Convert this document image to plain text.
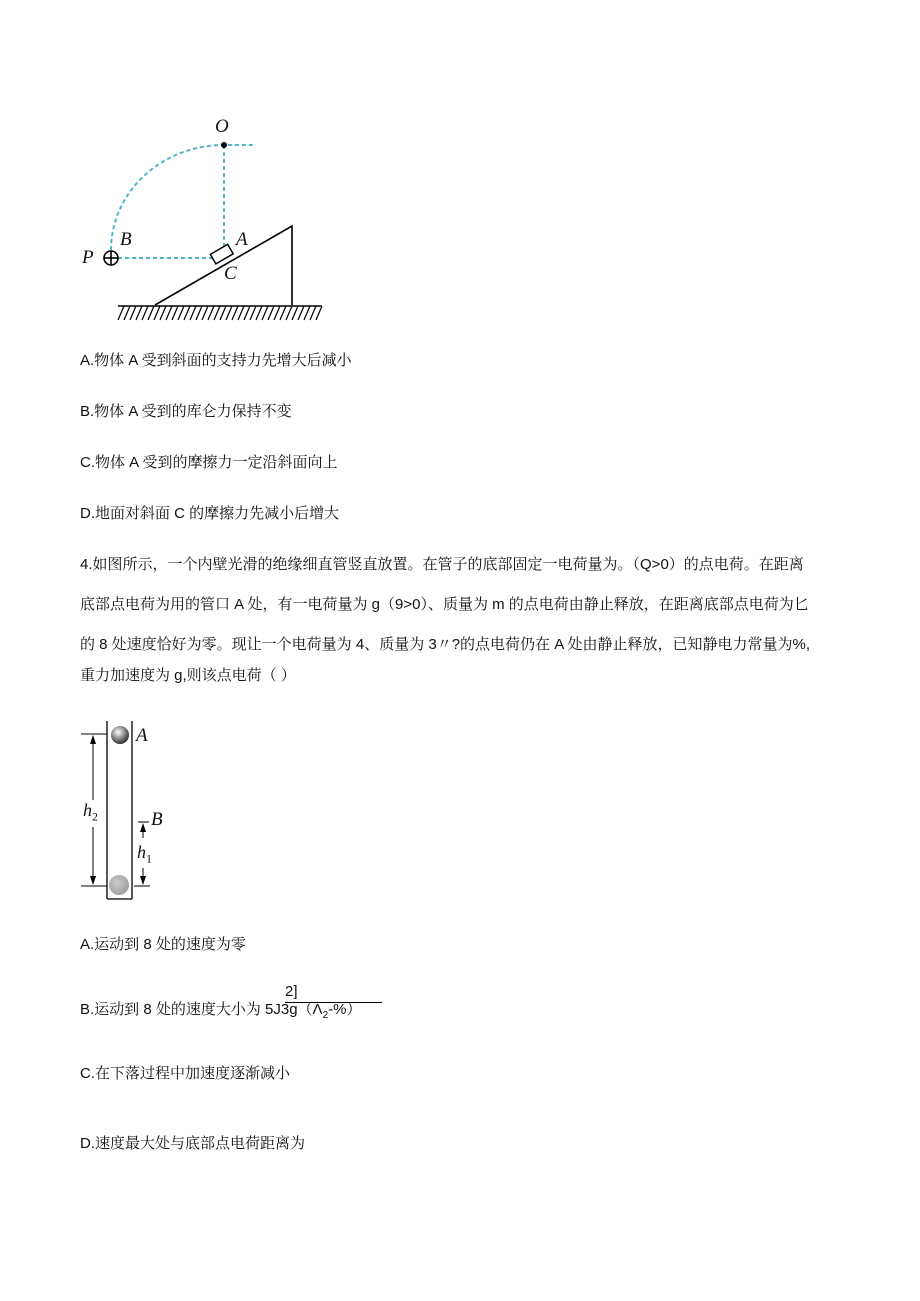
O
B
P
A
C
A.物体 A 受到斜面的支持力先增大后减小
B.物体 A 受到的库仑力保持不变
C.物体 A 受到的摩擦力一定沿斜面向上
D.地面对斜面 C 的摩擦力先减小后增大
4.如图所示，一个内壁光滑的绝缘细直管竖直放置。在管子的底部固定一电荷量为。（Q>0）的点电荷。在距离
底部点电荷为用的管口 A 处，有一电荷量为 g（9>0）、质量为 m 的点电荷由静止释放，在距离底部点电荷为匕
的 8 处速度恰好为零。现让一个电荷量为 4、质量为 3〃?的点电荷仍在 A 处由静止释放，已知静电力常量为%,
重力加速度为 g,则该点电荷（ ）
A
B
$h_2$
$h_1$
A.运动到 8 处的速度为零
2]
B.运动到 8 处的速度大小为 $5J3g(\Lambda_2-\%)$
C.在下落过程中加速度逐渐减小
D.速度最大处与底部点电荷距离为
